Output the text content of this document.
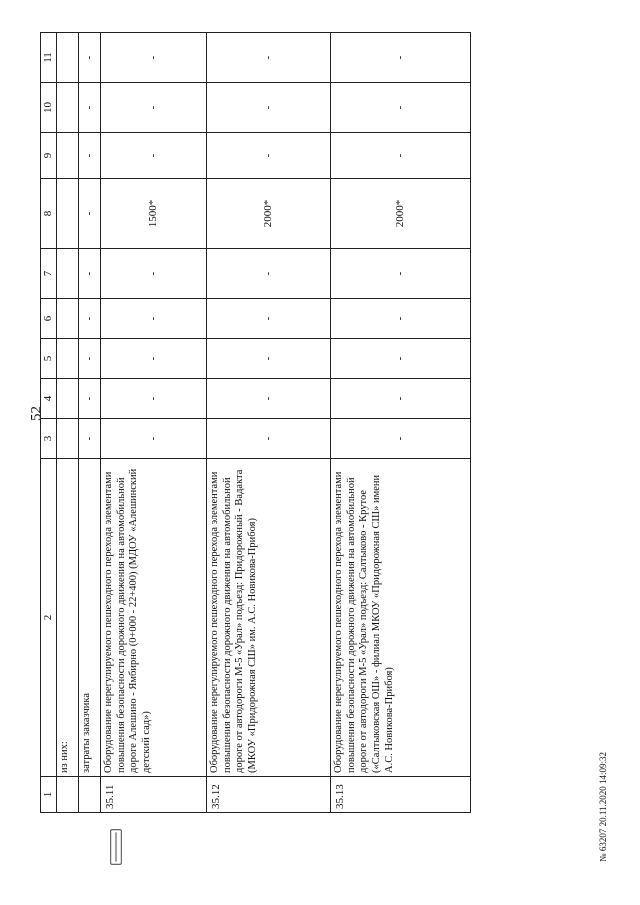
52
1	2	3	4	5	6	7	8	9	10	11
	из них:									
	затраты заказчика	-	-	-	-	-	-	-	-	-
35.11	Оборудование нерегулируемого пешеходного перехода элементами повышения безопасности дорожного движения на автомобильной дороге Алешино - Ямбирно (0+000 - 22+400) (МДОУ «Алешинский детский сад»)	-	-	-	-	-	1500*	-	-	-
35.12	Оборудование нерегулируемого пешеходного перехода элементами повышения безопасности дорожного движения на автомобильной дороге от автодороги М-5 «Урал» подъезд: Придорожный - Вадакта (МКОУ «Придорожная СШ» им. А.С. Новикова-Прибоя)	-	-	-	-	-	2000*	-	-	-
35.13	Оборудование нерегулируемого пешеходного перехода элементами повышения безопасности дорожного движения на автомобильной дороге от автодороги М-5 «Урал» подъезд: Салтыково - Крутое («Салтыковская ОШ» - филиал МКОУ «Придорожная СШ» имени А.С. Новикова-Прибоя)	-	-	-	-	-	2000*	-	-	-
№ 63207 20.11.2020 14:09:32
